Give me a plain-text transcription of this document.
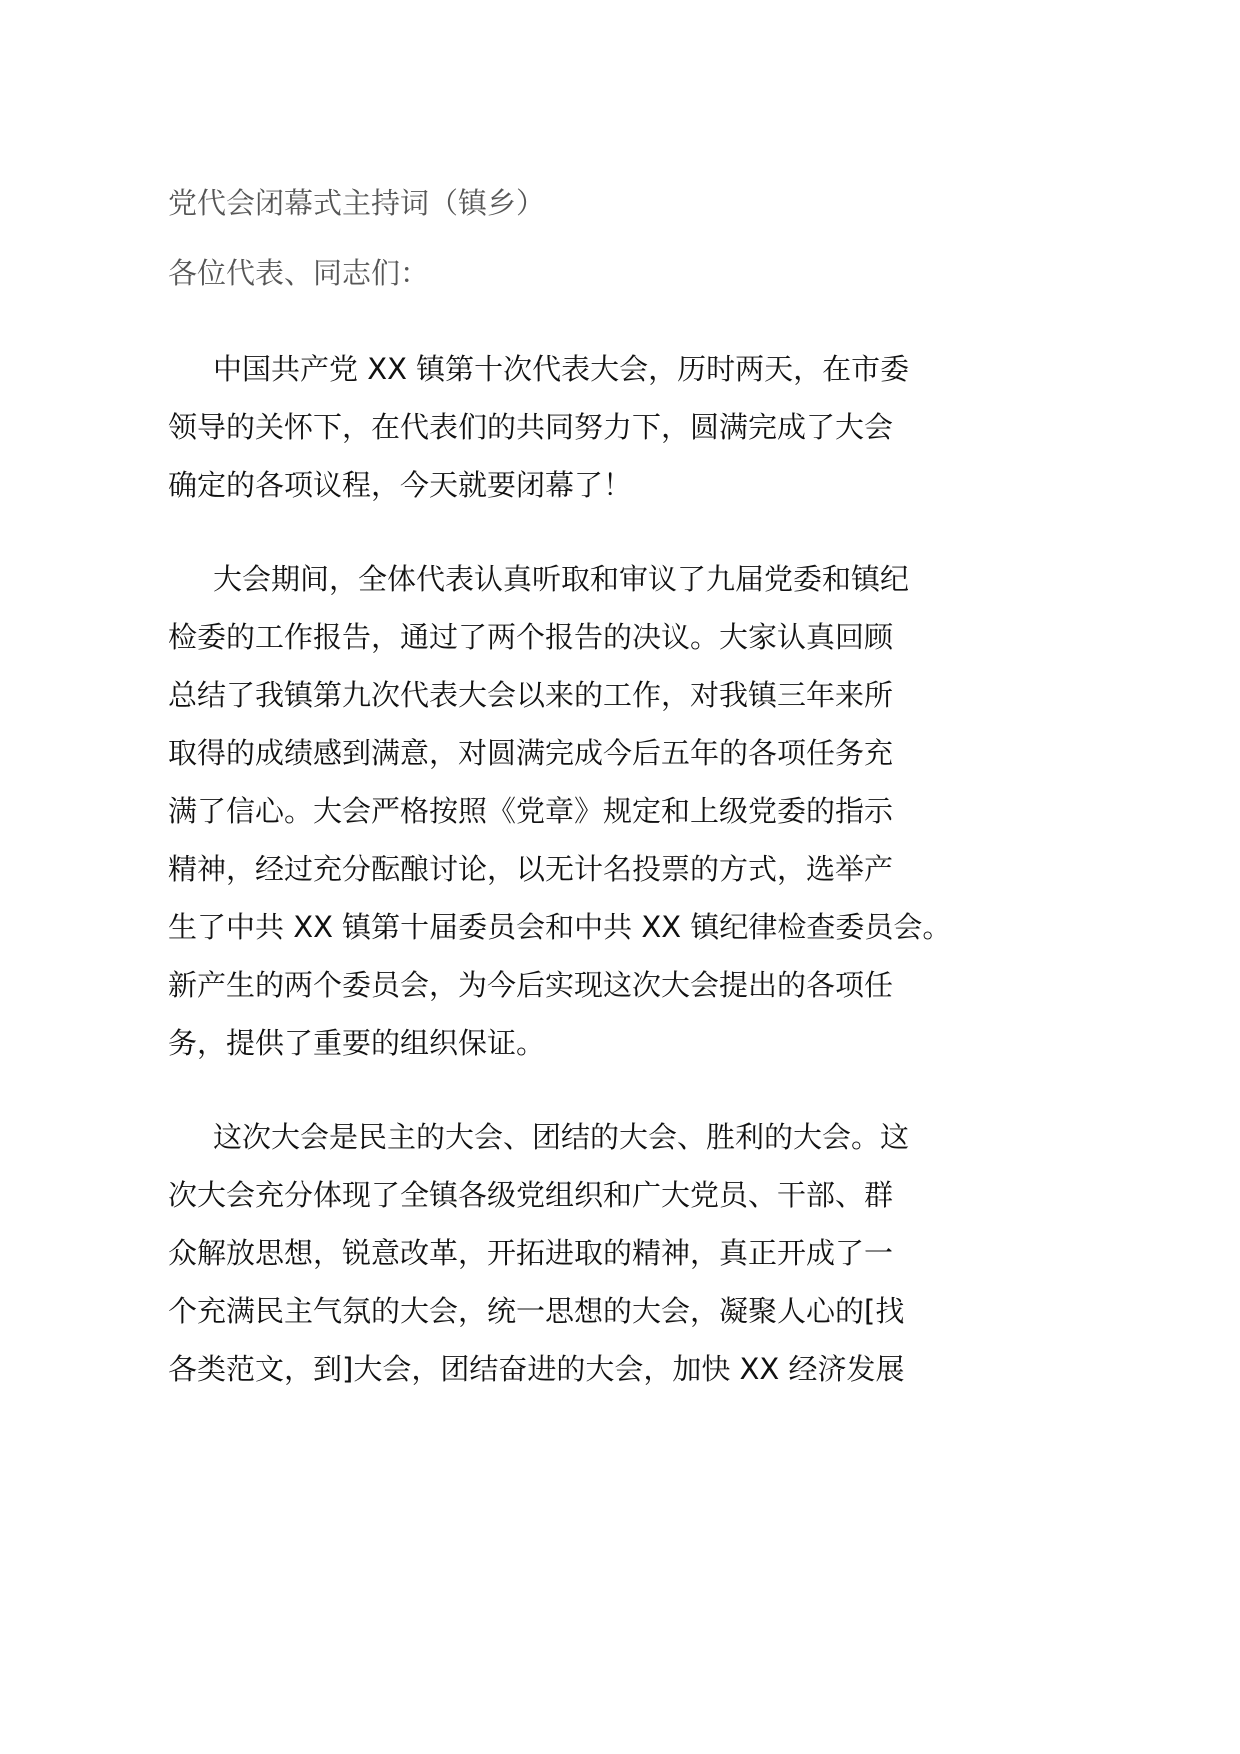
党代会闭幕式主持词（镇乡）
各位代表、同志们：
中国共产党 XX 镇第十次代表大会，历时两天，在市委
领导的关怀下，在代表们的共同努力下，圆满完成了大会
确定的各项议程，今天就要闭幕了！
大会期间，全体代表认真听取和审议了九届党委和镇纪
检委的工作报告，通过了两个报告的决议。大家认真回顾
总结了我镇第九次代表大会以来的工作，对我镇三年来所
取得的成绩感到满意，对圆满完成今后五年的各项任务充
满了信心。大会严格按照《党章》规定和上级党委的指示
精神，经过充分酝酿讨论，以无计名投票的方式，选举产
生了中共 XX 镇第十届委员会和中共 XX 镇纪律检查委员会。
新产生的两个委员会，为今后实现这次大会提出的各项任
务，提供了重要的组织保证。
这次大会是民主的大会、团结的大会、胜利的大会。这
次大会充分体现了全镇各级党组织和广大党员、干部、群
众解放思想，锐意改革，开拓进取的精神，真正开成了一
个充满民主气氛的大会，统一思想的大会，凝聚人心的[找
各类范文，到]大会，团结奋进的大会，加快 XX 经济发展
